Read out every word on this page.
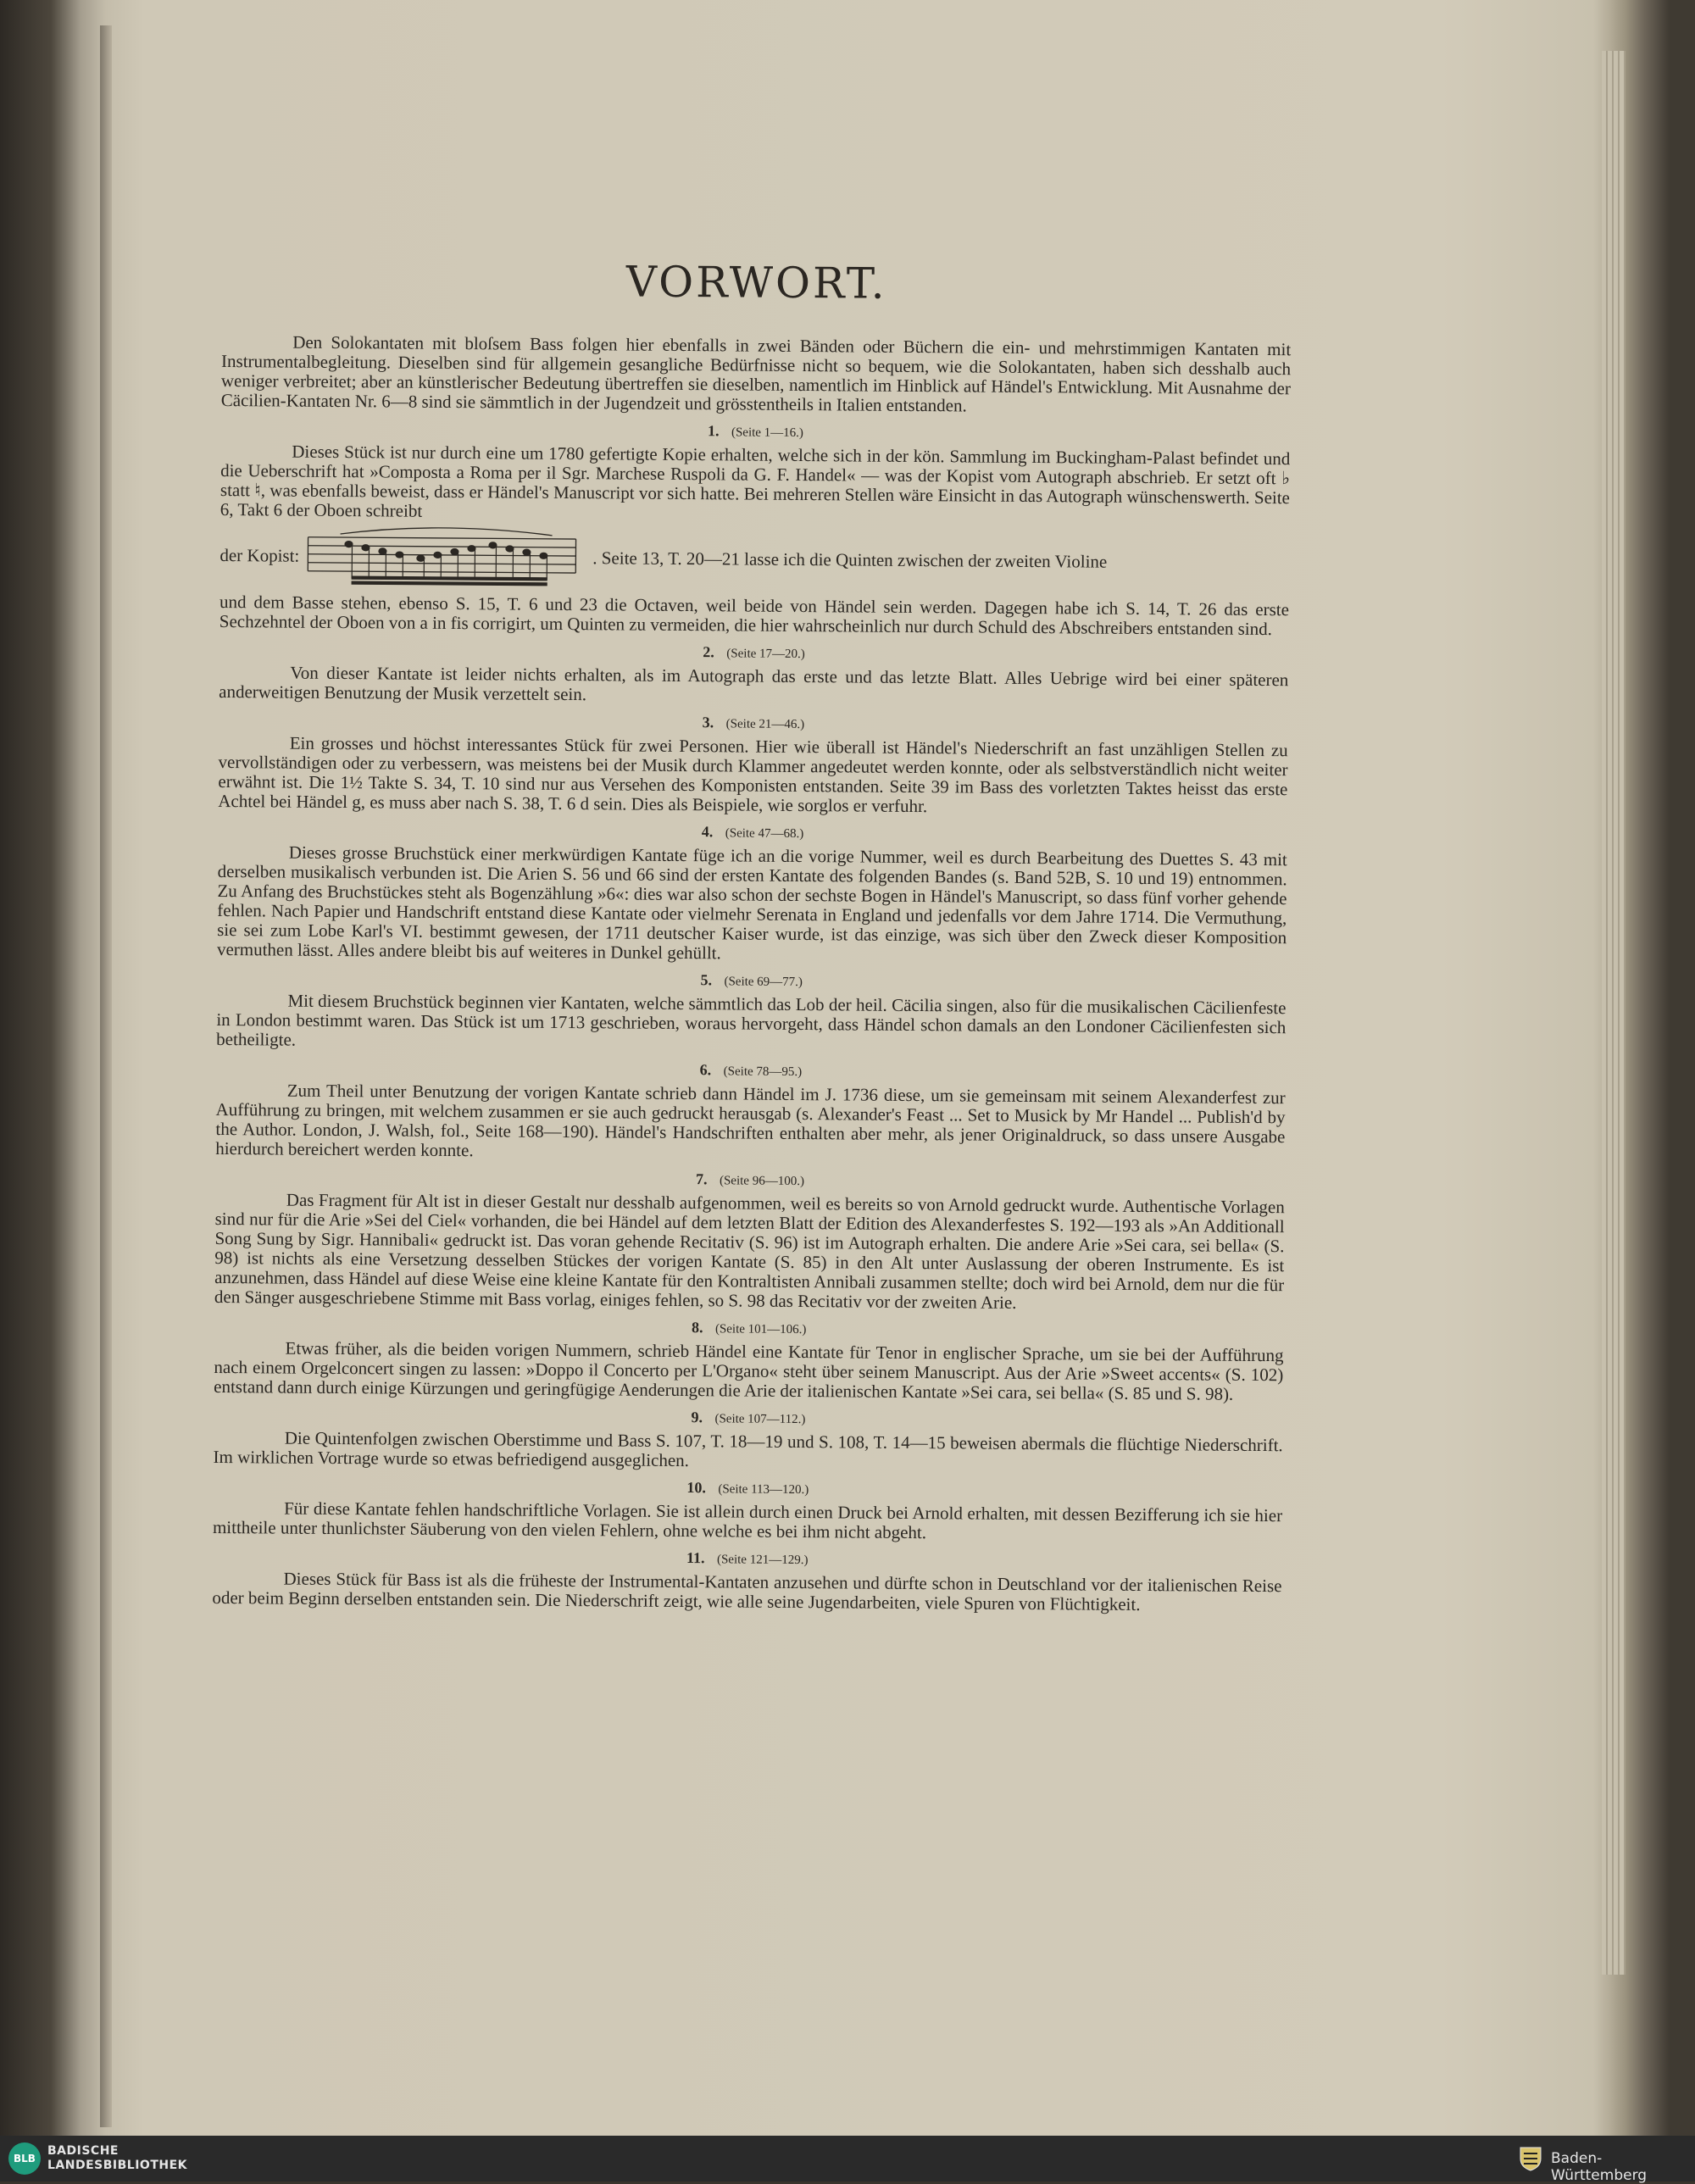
VORWORT.

Den Solokantaten mit bloſsem Bass folgen hier ebenfalls in zwei Bänden oder Büchern die ein- und mehrstimmigen Kantaten mit Instrumentalbegleitung. Dieselben sind für allgemein gesangliche Bedürfnisse nicht so bequem, wie die Solokantaten, haben sich desshalb auch weniger verbreitet; aber an künstlerischer Bedeutung übertreffen sie dieselben, namentlich im Hinblick auf Händel's Entwicklung. Mit Ausnahme der Cäcilien-Kantaten Nr. 6—8 sind sie sämmtlich in der Jugendzeit und grösstentheils in Italien entstanden.

1. (Seite 1—16.)

Dieses Stück ist nur durch eine um 1780 gefertigte Kopie erhalten, welche sich in der kön. Sammlung im Buckingham-Palast befindet und die Ueberschrift hat »Composta a Roma per il Sgr. Marchese Ruspoli da G. F. Handel« — was der Kopist vom Autograph abschrieb. Er setzt oft ♭ statt ♮, was ebenfalls beweist, dass er Händel's Manuscript vor sich hatte. Bei mehreren Stellen wäre Einsicht in das Autograph wünschenswerth. Seite 6, Takt 6 der Oboen schreibt

der Kopist:	. Seite 13, T. 20—21 lasse ich die Quinten zwischen der zweiten Violine

und dem Basse stehen, ebenso S. 15, T. 6 und 23 die Octaven, weil beide von Händel sein werden. Dagegen habe ich S. 14, T. 26 das erste Sechzehntel der Oboen von a in fis corrigirt, um Quinten zu vermeiden, die hier wahrscheinlich nur durch Schuld des Abschreibers entstanden sind.

2. (Seite 17—20.)

Von dieser Kantate ist leider nichts erhalten, als im Autograph das erste und das letzte Blatt. Alles Uebrige wird bei einer späteren anderweitigen Benutzung der Musik verzettelt sein.

3. (Seite 21—46.)

Ein grosses und höchst interessantes Stück für zwei Personen. Hier wie überall ist Händel's Niederschrift an fast unzähligen Stellen zu vervollständigen oder zu verbessern, was meistens bei der Musik durch Klammer angedeutet werden konnte, oder als selbstverständlich nicht weiter erwähnt ist. Die 1½ Takte S. 34, T. 10 sind nur aus Versehen des Komponisten entstanden. Seite 39 im Bass des vorletzten Taktes heisst das erste Achtel bei Händel g, es muss aber nach S. 38, T. 6 d sein. Dies als Beispiele, wie sorglos er verfuhr.

4. (Seite 47—68.)

Dieses grosse Bruchstück einer merkwürdigen Kantate füge ich an die vorige Nummer, weil es durch Bearbeitung des Duettes S. 43 mit derselben musikalisch verbunden ist. Die Arien S. 56 und 66 sind der ersten Kantate des folgenden Bandes (s. Band 52B, S. 10 und 19) entnommen. Zu Anfang des Bruchstückes steht als Bogenzählung »6«: dies war also schon der sechste Bogen in Händel's Manuscript, so dass fünf vorher gehende fehlen. Nach Papier und Handschrift entstand diese Kantate oder vielmehr Serenata in England und jedenfalls vor dem Jahre 1714. Die Vermuthung, sie sei zum Lobe Karl's VI. bestimmt gewesen, der 1711 deutscher Kaiser wurde, ist das einzige, was sich über den Zweck dieser Komposition vermuthen lässt. Alles andere bleibt bis auf weiteres in Dunkel gehüllt.

5. (Seite 69—77.)

Mit diesem Bruchstück beginnen vier Kantaten, welche sämmtlich das Lob der heil. Cäcilia singen, also für die musikalischen Cäcilienfeste in London bestimmt waren. Das Stück ist um 1713 geschrieben, woraus hervorgeht, dass Händel schon damals an den Londoner Cäcilienfesten sich betheiligte.

6. (Seite 78—95.)

Zum Theil unter Benutzung der vorigen Kantate schrieb dann Händel im J. 1736 diese, um sie gemeinsam mit seinem Alexanderfest zur Aufführung zu bringen, mit welchem zusammen er sie auch gedruckt herausgab (s. Alexander's Feast ... Set to Musick by Mr Handel ... Publish'd by the Author. London, J. Walsh, fol., Seite 168—190). Händel's Handschriften enthalten aber mehr, als jener Originaldruck, so dass unsere Ausgabe hierdurch bereichert werden konnte.

7. (Seite 96—100.)

Das Fragment für Alt ist in dieser Gestalt nur desshalb aufgenommen, weil es bereits so von Arnold gedruckt wurde. Authentische Vorlagen sind nur für die Arie »Sei del Ciel« vorhanden, die bei Händel auf dem letzten Blatt der Edition des Alexanderfestes S. 192—193 als »An Additionall Song Sung by Sigr. Hannibali« gedruckt ist. Das voran gehende Recitativ (S. 96) ist im Autograph erhalten. Die andere Arie »Sei cara, sei bella« (S. 98) ist nichts als eine Versetzung desselben Stückes der vorigen Kantate (S. 85) in den Alt unter Auslassung der oberen Instrumente. Es ist anzunehmen, dass Händel auf diese Weise eine kleine Kantate für den Kontraltisten Annibali zusammen stellte; doch wird bei Arnold, dem nur die für den Sänger ausgeschriebene Stimme mit Bass vorlag, einiges fehlen, so S. 98 das Recitativ vor der zweiten Arie.

8. (Seite 101—106.)

Etwas früher, als die beiden vorigen Nummern, schrieb Händel eine Kantate für Tenor in englischer Sprache, um sie bei der Aufführung nach einem Orgelconcert singen zu lassen: »Doppo il Concerto per L'Organo« steht über seinem Manuscript. Aus der Arie »Sweet accents« (S. 102) entstand dann durch einige Kürzungen und geringfügige Aenderungen die Arie der italienischen Kantate »Sei cara, sei bella« (S. 85 und S. 98).

9. (Seite 107—112.)

Die Quintenfolgen zwischen Oberstimme und Bass S. 107, T. 18—19 und S. 108, T. 14—15 beweisen abermals die flüchtige Niederschrift. Im wirklichen Vortrage wurde so etwas befriedigend ausgeglichen.

10. (Seite 113—120.)

Für diese Kantate fehlen handschriftliche Vorlagen. Sie ist allein durch einen Druck bei Arnold erhalten, mit dessen Bezifferung ich sie hier mittheile unter thunlichster Säuberung von den vielen Fehlern, ohne welche es bei ihm nicht abgeht.

11. (Seite 121—129.)

Dieses Stück für Bass ist als die früheste der Instrumental-Kantaten anzusehen und dürfte schon in Deutschland vor der italienischen Reise oder beim Beginn derselben entstanden sein. Die Niederschrift zeigt, wie alle seine Jugendarbeiten, viele Spuren von Flüchtigkeit.

BLB
BADISCHE
LANDESBIBLIOTHEK	Baden-Württemberg
